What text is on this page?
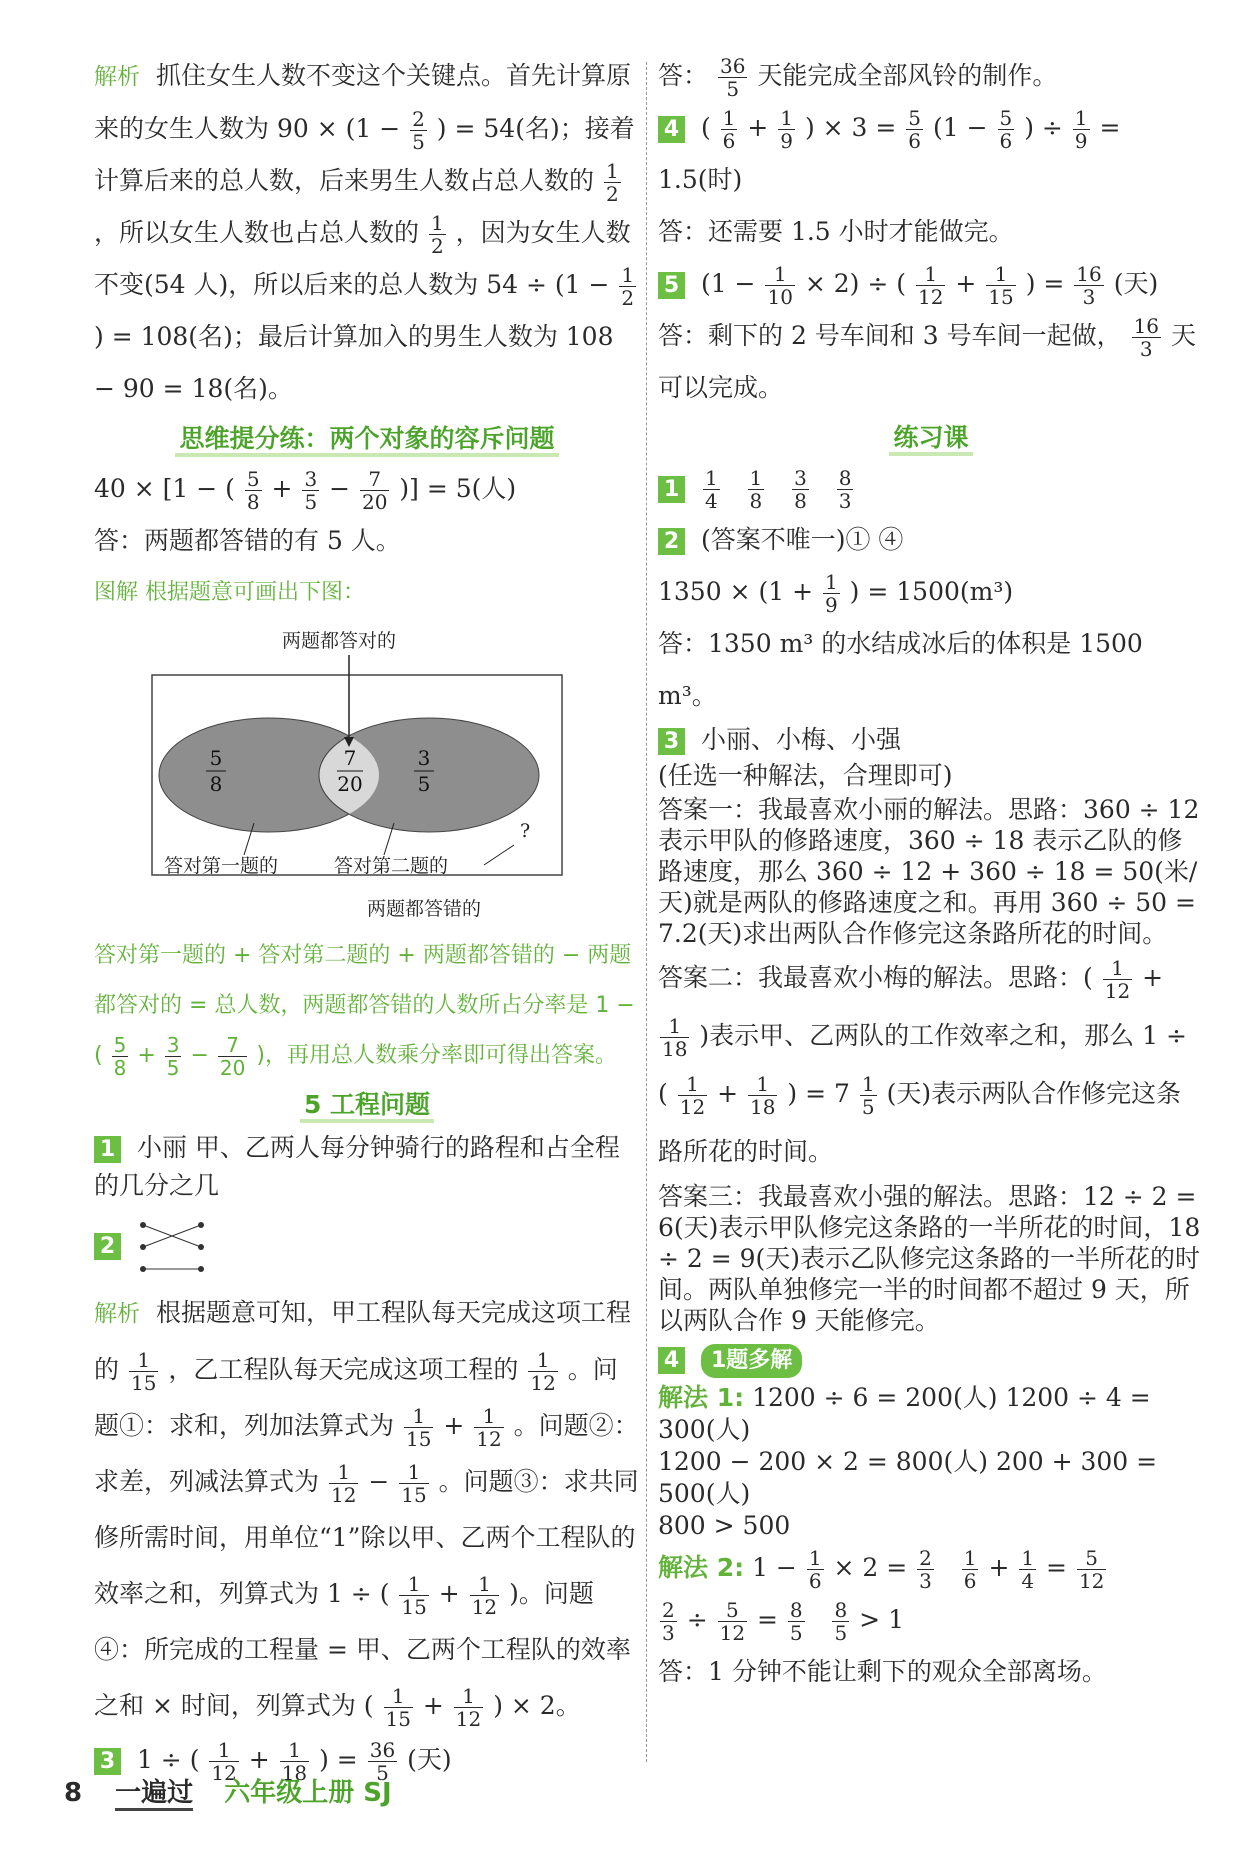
解析 抓住女生人数不变这个关键点。首先计算原来的女生人数为 $90 \times (1 - \frac{2}{5}$ ) = 54(名)；接着计算后来的总人数，后来男生人数占总人数的 $\frac{1}{2}$
，所以女生人数也占总人数的 $\frac{1}{2}$ ，因为女生人数不变(54 人)，所以后来的总人数为 $54 \div (1 - \frac{1}{2}$
) = 108(名)；最后计算加入的男生人数为 108 − 90 = 18(名)。

思维提分练：两个对象的容斥问题

40 × [1 − ( $\frac{5}{8} + \frac{3}{5} - \frac{7}{20}$ )] = 5(人)

答：两题都答错的有 5 人。

图解 根据题意可画出下图：

两题都答对的
5
8
7
20
3
5
答对第一题的	答对第二题的
?
两题都答错的

答对第一题的 + 答对第二题的 + 两题都答错的 − 两题都答对的 = 总人数，两题都答错的人数所占分率是 1 − ( $\frac{5}{8} + \frac{3}{5} - \frac{7}{20}$ )，再用总人数乘分率即可得出答案。

5 工程问题

1 小丽 甲、乙两人每分钟骑行的路程和占全程的几分之几

2

解析 根据题意可知，甲工程队每天完成这项工程的 $\frac{1}{15}$ ，乙工程队每天完成这项工程的 $\frac{1}{12}$ 。问题①：求和，列加法算式为 $\frac{1}{15} + \frac{1}{12}$ 。问题②：求差，列减法算式为 $\frac{1}{12} - \frac{1}{15}$ 。问题③：求共同修所需时间，用单位“1”除以甲、乙两个工程队的效率之和，列算式为 1 ÷ ( $\frac{1}{15} + \frac{1}{12}$ )。问题④：所完成的工程量 = 甲、乙两个工程队的效率之和 × 时间，列算式为 ( $\frac{1}{15} + \frac{1}{12}$ ) × 2。

3 1 ÷ ( $\frac{1}{12} + \frac{1}{18}$ ) = $\frac{36}{5}$ (天)

答： $\frac{36}{5}$ 天能完成全部风铃的制作。

4 ( $\frac{1}{6} + \frac{1}{9}$ ) × $3 = \frac{5}{6} (1 - \frac{5}{6}$ ) ÷ $\frac{1}{9} = 1.5$(时)

答：还需要 1.5 小时才能做完。

5 $(1 - \frac{1}{10} \times 2)$ ÷ ( $\frac{1}{12} + \frac{1}{15}$ ) = $\frac{16}{3}$ (天)

答：剩下的 2 号车间和 3 号车间一起做， $\frac{16}{3}$ 天可以完成。

练习课

$1 \frac{1}{4}$
$\frac{1}{8}$
$\frac{3}{8}$
$\frac{8}{3}$

2 (答案不唯一)① ④

$1350 \times (1 + \frac{1}{9}$ ) = 1500(m³)

答：1350 m³ 的水结成冰后的体积是 1500 m³。

3 小丽、小梅、小强

(任选一种解法，合理即可)

答案一：我最喜欢小丽的解法。思路：360 ÷ 12 表示甲队的修路速度，360 ÷ 18 表示乙队的修路速度，那么 360 ÷ 12 + 360 ÷ 18 = 50(米/天)就是两队的修路速度之和。再用 360 ÷ 50 = 7.2(天)求出两队合作修完这条路所花的时间。

答案二：我最喜欢小梅的解法。思路：( $\frac{1}{12}$ +
$\frac{1}{18}$ )表示甲、乙两队的工作效率之和，那么 1 ÷ ( $\frac{1}{12} + \frac{1}{18}$ ) = $7 \frac{1}{5}$ (天)表示两队合作修完这条路所花的时间。

答案三：我最喜欢小强的解法。思路：12 ÷ 2 = 6(天)表示甲队修完这条路的一半所花的时间，18 ÷ 2 = 9(天)表示乙队修完这条路的一半所花的时间。两队单独修完一半的时间都不超过 9 天，所以两队合作 9 天能修完。

4 1题多解

解法 1: 1200 ÷ 6 = 200(人) 1200 ÷ 4 = 300(人)

1200 − 200 × 2 = 800(人) 200 + 300 = 500(人)

800 > 500

解法 2: $1 - \frac{1}{6} \times 2 = \frac{2}{3}$
$\frac{1}{6} + \frac{1}{4} = \frac{5}{12}$

$\frac{2}{3} \div \frac{5}{12} = \frac{8}{5}$
$\frac{8}{5} > 1$

答：1 分钟不能让剩下的观众全部离场。

8 一遍过 六年级上册 SJ
